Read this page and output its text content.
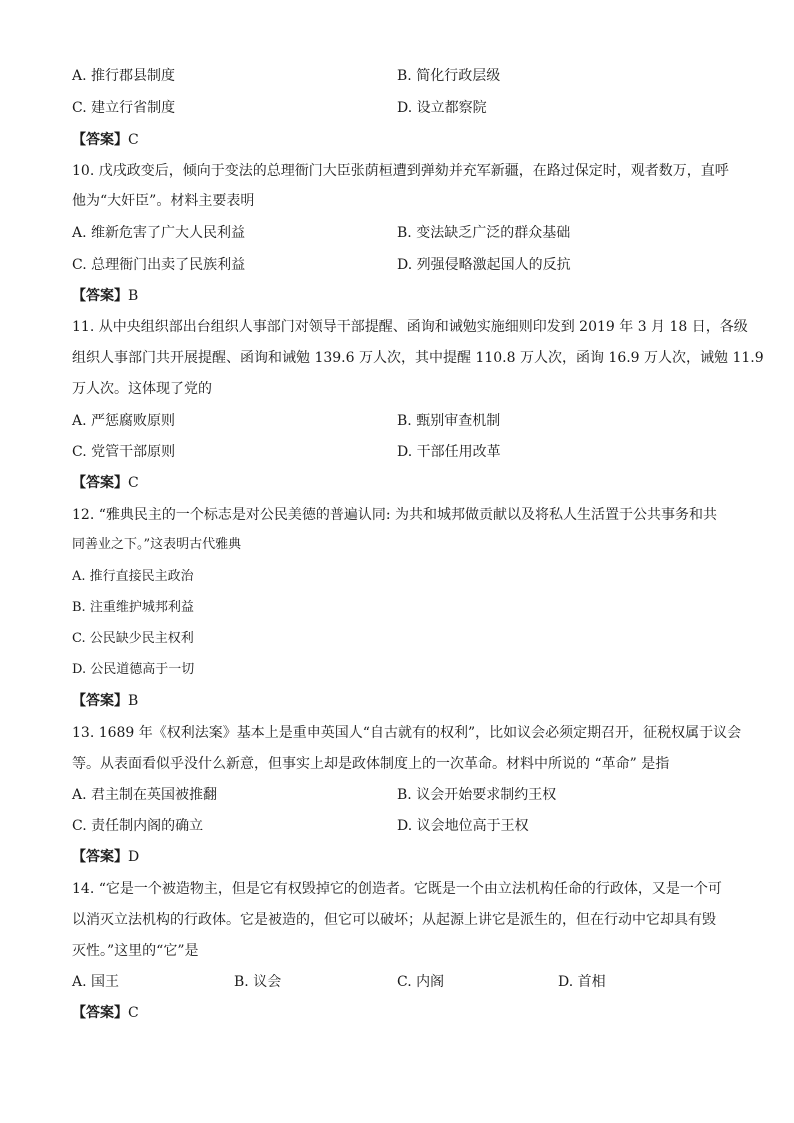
A. 推行郡县制度	B. 简化行政层级
C. 建立行省制度	D. 设立都察院
【答案】C
10. 戊戌政变后，倾向于变法的总理衙门大臣张荫桓遭到弹劾并充军新疆，在路过保定时，观者数万，直呼
他为“大奸臣”。材料主要表明
A. 维新危害了广大人民利益	B. 变法缺乏广泛的群众基础
C. 总理衙门出卖了民族利益	D. 列强侵略激起国人的反抗
【答案】B
11. 从中央组织部出台组织人事部门对领导干部提醒、函询和诫勉实施细则印发到 2019 年 3 月 18 日，各级
组织人事部门共开展提醒、函询和诫勉 139.6 万人次，其中提醒 110.8 万人次，函询 16.9 万人次，诫勉 11.9
万人次。这体现了党的
A. 严惩腐败原则	B. 甄别审查机制
C. 党管干部原则	D. 干部任用改革
【答案】C
12. “雅典民主的一个标志是对公民美德的普遍认同: 为共和城邦做贡献以及将私人生活置于公共事务和共
同善业之下。”这表明古代雅典
A. 推行直接民主政治
B. 注重维护城邦利益
C. 公民缺少民主权利
D. 公民道德高于一切
【答案】B
13. 1689 年《权利法案》基本上是重申英国人“自古就有的权利”，比如议会必须定期召开，征税权属于议会
等。从表面看似乎没什么新意，但事实上却是政体制度上的一次革命。材料中所说的 “革命” 是指
A. 君主制在英国被推翻	B. 议会开始要求制约王权
C. 责任制内阁的确立	D. 议会地位高于王权
【答案】D
14. “它是一个被造物主，但是它有权毁掉它的创造者。它既是一个由立法机构任命的行政体，又是一个可
以消灭立法机构的行政体。它是被造的，但它可以破坏；从起源上讲它是派生的，但在行动中它却具有毁
灭性。”这里的“它”是
A. 国王	B. 议会	C. 内阁	D. 首相
【答案】C
